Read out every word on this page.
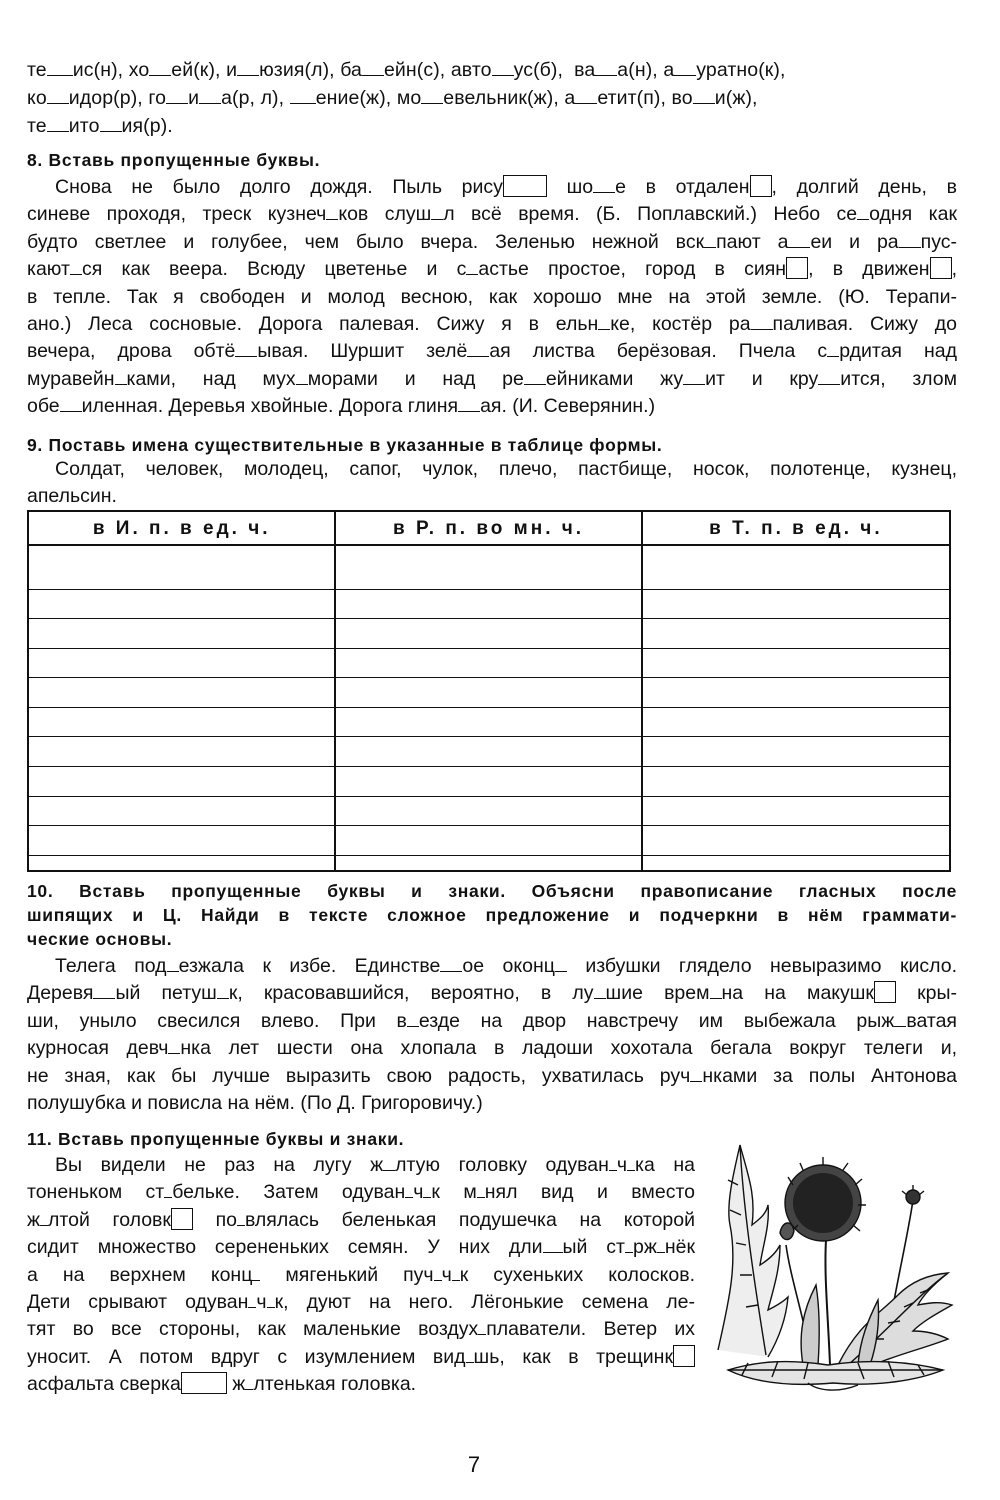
те ис(н), хо ей(к), и юзия(л), ба ейн(с), авто ус(б),  ва а(н), а уратно(к),
ко идор(р), го и а(р, л), ение(ж), мо евельник(ж), а етит(п), во и(ж),
те ито ия(р).
8. Вставь пропущенные буквы.
Снова не было долго дождя. Пыль рису шо е в отдален , долгий день, в
синеве проходя, треск кузнеч ков слуш л всё время. (Б. Поплавский.) Небо се одня как
будто светлее и голубее, чем было вчера. Зеленью нежной вск пают а еи и ра пус-
кают ся как веера. Всюду цветенье и с астье простое, город в сиян , в движен ,
в тепле. Так я свободен и молод весною, как хорошо мне на этой земле. (Ю. Терапи-
ано.) Леса сосновые. Дорога палевая. Сижу я в ельн ке, костёр ра паливая. Сижу до
вечера, дрова обтё ывая. Шуршит зелё ая листва берёзовая. Пчела с рдитая над
муравейн ками, над мух морами и над ре ейниками жу ит и кру ится, злом
обе иленная. Деревья хвойные. Дорога глиня ая. (И. Северянин.)
9. Поставь имена существительные в указанные в таблице формы.
Солдат, человек, молодец, сапог, чулок, плечо, пастбище, носок, полотенце, кузнец,
апельсин.
в И. п. в ед. ч.	в Р. п. во мн. ч.	в Т. п. в ед. ч.

10. Вставь пропущенные буквы и знаки. Объясни правописание гласных после
шипящих и Ц. Найди в тексте сложное предложение и подчеркни в нём граммати-
ческие основы.
Телега под езжала к избе. Единстве ое оконц избушки глядело невыразимо кисло.
Деревя ый петуш к, красовавшийся, вероятно, в лу шие врем на на макушк кры-
ши, уныло свесился влево. При в езде на двор навстречу им выбежала рыж ватая
курносая девч нка лет шести она хлопала в ладоши хохотала бегала вокруг телеги и,
не зная, как бы лучше выразить свою радость, ухватилась руч нками за полы Антонова
полушубка и повисла на нём. (По Д. Григоровичу.)
11. Вставь пропущенные буквы и знаки.
Вы видели не раз на лугу ж лтую головку одуван ч ка на
тоненьком ст бельке. Затем одуван ч к м нял вид и вместо
ж лтой головк по влялась беленькая подушечка на которой
сидит множество серененьких семян. У них дли ый ст рж нёк
а на верхнем конц мягенький пуч ч к сухеньких колосков.
Дети срывают одуван ч к, дуют на него. Лёгонькие семена ле-
тят во все стороны, как маленькие воздух плаватели. Ветер их
уносит. А потом вдруг с изумлением вид шь, как в трещинк
асфальта сверка ж лтенькая головка.
7
